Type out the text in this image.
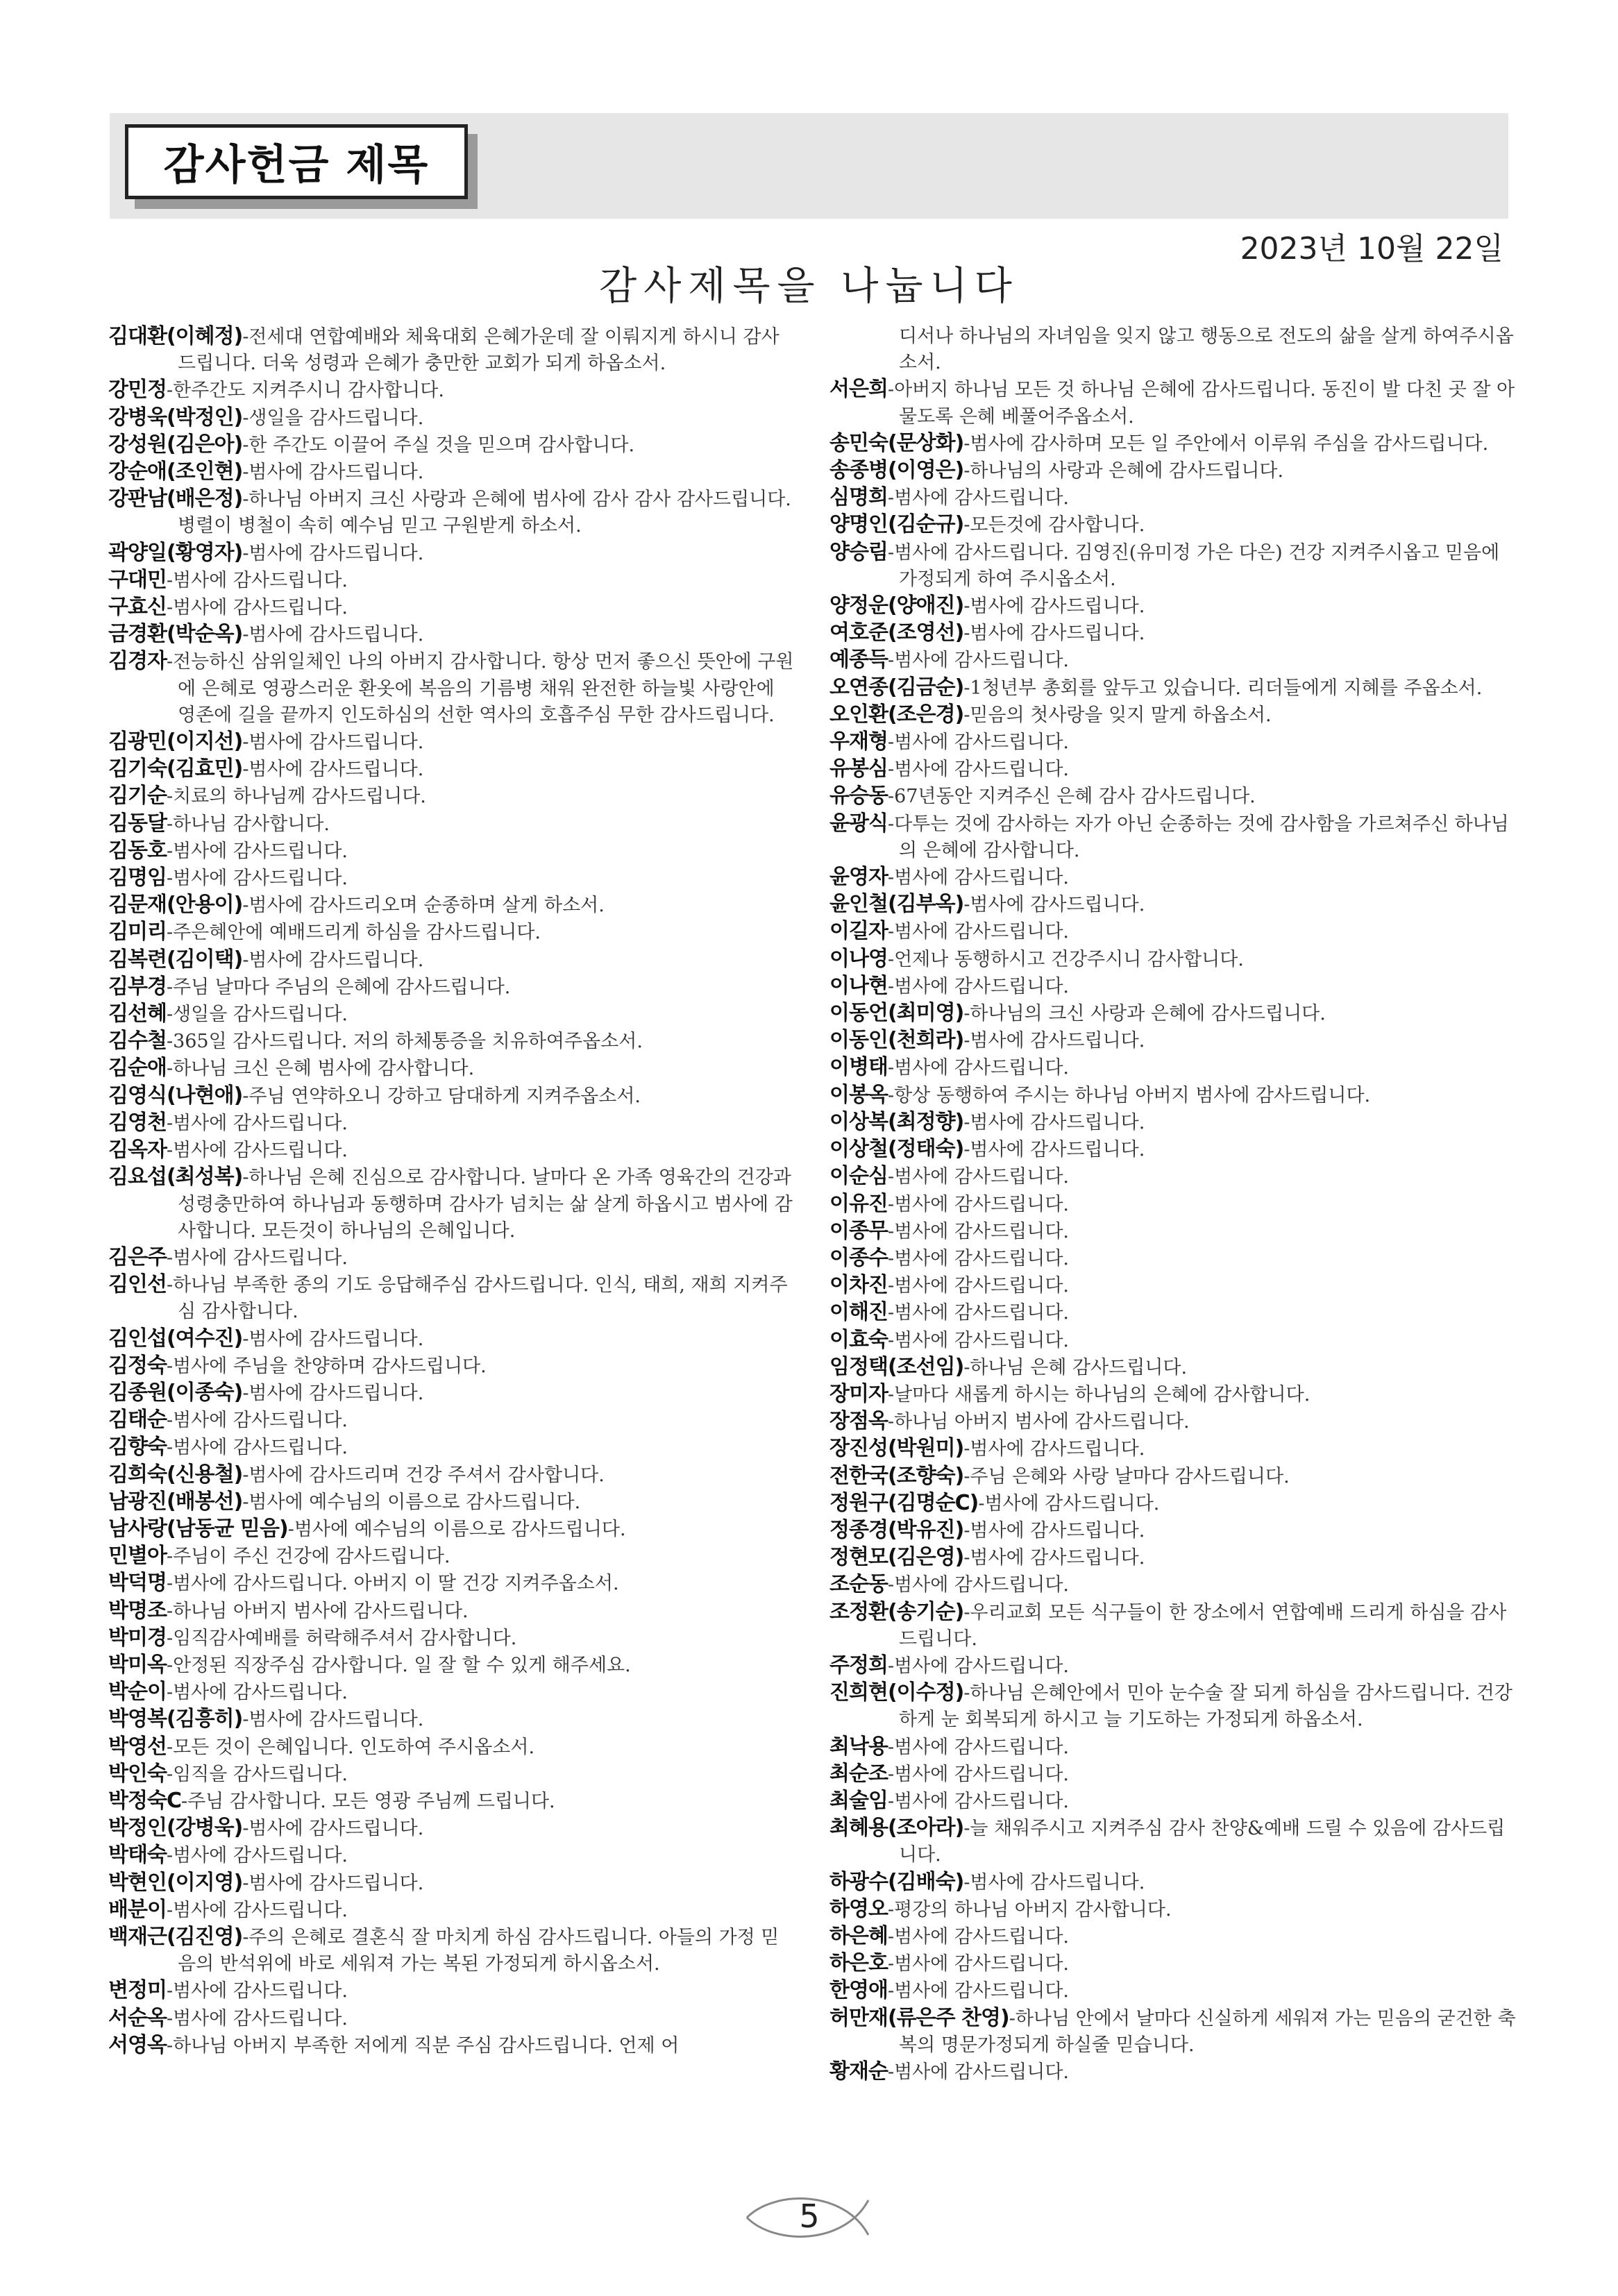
감사헌금 제목
2023년 10월 22일
감사제목을 나눕니다
김대환(이혜정)-전세대 연합예배와 체육대회 은혜가운데 잘 이뤄지게 하시니 감사드립니다. 더욱 성령과 은혜가 충만한 교회가 되게 하옵소서.
강민정-한주간도 지켜주시니 감사합니다.
강병욱(박정인)-생일을 감사드립니다.
강성원(김은아)-한 주간도 이끌어 주실 것을 믿으며 감사합니다.
강순애(조인현)-범사에 감사드립니다.
강판남(배은정)-하나님 아버지 크신 사랑과 은혜에 범사에 감사 감사 감사드립니다. 병렬이 병철이 속히 예수님 믿고 구원받게 하소서.
곽양일(황영자)-범사에 감사드립니다.
구대민-범사에 감사드립니다.
구효신-범사에 감사드립니다.
금경환(박순옥)-범사에 감사드립니다.
김경자-전능하신 삼위일체인 나의 아버지 감사합니다. 항상 먼저 좋으신 뜻안에 구원에 은혜로 영광스러운 환옷에 복음의 기름병 채워 완전한 하늘빛 사랑안에 영존에 길을 끝까지 인도하심의 선한 역사의 호흡주심 무한 감사드립니다.
김광민(이지선)-범사에 감사드립니다.
김기숙(김효민)-범사에 감사드립니다.
김기순-치료의 하나님께 감사드립니다.
김동달-하나님 감사합니다.
김동호-범사에 감사드립니다.
김명임-범사에 감사드립니다.
김문재(안용이)-범사에 감사드리오며 순종하며 살게 하소서.
김미리-주은혜안에 예배드리게 하심을 감사드립니다.
김복련(김이택)-범사에 감사드립니다.
김부경-주님 날마다 주님의 은혜에 감사드립니다.
김선혜-생일을 감사드립니다.
김수철-365일 감사드립니다. 저의 하체통증을 치유하여주옵소서.
김순애-하나님 크신 은혜 범사에 감사합니다.
김영식(나현애)-주님 연약하오니 강하고 담대하게 지켜주옵소서.
김영천-범사에 감사드립니다.
김옥자-범사에 감사드립니다.
김요섭(최성복)-하나님 은혜 진심으로 감사합니다. 날마다 온 가족 영육간의 건강과 성령충만하여 하나님과 동행하며 감사가 넘치는 삶 살게 하옵시고 범사에 감사합니다. 모든것이 하나님의 은혜입니다.
김은주-범사에 감사드립니다.
김인선-하나님 부족한 종의 기도 응답해주심 감사드립니다. 인식, 태희, 재희 지켜주심 감사합니다.
김인섭(여수진)-범사에 감사드립니다.
김정숙-범사에 주님을 찬양하며 감사드립니다.
김종원(이종숙)-범사에 감사드립니다.
김태순-범사에 감사드립니다.
김향숙-범사에 감사드립니다.
김희숙(신용철)-범사에 감사드리며 건강 주셔서 감사합니다.
남광진(배봉선)-범사에 예수님의 이름으로 감사드립니다.
남사랑(남동균 믿음)-범사에 예수님의 이름으로 감사드립니다.
민별아-주님이 주신 건강에 감사드립니다.
박덕명-범사에 감사드립니다. 아버지 이 딸 건강 지켜주옵소서.
박명조-하나님 아버지 범사에 감사드립니다.
박미경-임직감사예배를 허락해주셔서 감사합니다.
박미옥-안정된 직장주심 감사합니다. 일 잘 할 수 있게 해주세요.
박순이-범사에 감사드립니다.
박영복(김흥히)-범사에 감사드립니다.
박영선-모든 것이 은혜입니다. 인도하여 주시옵소서.
박인숙-임직을 감사드립니다.
박정숙C-주님 감사합니다. 모든 영광 주님께 드립니다.
박정인(강병욱)-범사에 감사드립니다.
박태숙-범사에 감사드립니다.
박현인(이지영)-범사에 감사드립니다.
배분이-범사에 감사드립니다.
백재근(김진영)-주의 은혜로 결혼식 잘 마치게 하심 감사드립니다. 아들의 가정 믿음의 반석위에 바로 세워져 가는 복된 가정되게 하시옵소서.
변정미-범사에 감사드립니다.
서순옥-범사에 감사드립니다.
서영옥-하나님 아버지 부족한 저에게 직분 주심 감사드립니다. 언제 어
디서나 하나님의 자녀임을 잊지 않고 행동으로 전도의 삶을 살게 하여주시옵소서.
서은희-아버지 하나님 모든 것 하나님 은혜에 감사드립니다. 동진이 발 다친 곳 잘 아물도록 은혜 베풀어주옵소서.
송민숙(문상화)-범사에 감사하며 모든 일 주안에서 이루워 주심을 감사드립니다.
송종병(이영은)-하나님의 사랑과 은혜에 감사드립니다.
심명희-범사에 감사드립니다.
양명인(김순규)-모든것에 감사합니다.
양승림-범사에 감사드립니다. 김영진(유미정 가은 다은) 건강 지켜주시옵고 믿음에 가정되게 하여 주시옵소서.
양정운(양애진)-범사에 감사드립니다.
여호준(조영선)-범사에 감사드립니다.
예종득-범사에 감사드립니다.
오연종(김금순)-1청년부 총회를 앞두고 있습니다. 리더들에게 지혜를 주옵소서.
오인환(조은경)-믿음의 첫사랑을 잊지 말게 하옵소서.
우재형-범사에 감사드립니다.
유봉심-범사에 감사드립니다.
유승동-67년동안 지켜주신 은혜 감사 감사드립니다.
윤광식-다투는 것에 감사하는 자가 아닌 순종하는 것에 감사함을 가르쳐주신 하나님의 은혜에 감사합니다.
윤영자-범사에 감사드립니다.
윤인철(김부옥)-범사에 감사드립니다.
이길자-범사에 감사드립니다.
이나영-언제나 동행하시고 건강주시니 감사합니다.
이나현-범사에 감사드립니다.
이동언(최미영)-하나님의 크신 사랑과 은혜에 감사드립니다.
이동인(천희라)-범사에 감사드립니다.
이병태-범사에 감사드립니다.
이봉옥-항상 동행하여 주시는 하나님 아버지 범사에 감사드립니다.
이상복(최정향)-범사에 감사드립니다.
이상철(정태숙)-범사에 감사드립니다.
이순심-범사에 감사드립니다.
이유진-범사에 감사드립니다.
이종무-범사에 감사드립니다.
이종수-범사에 감사드립니다.
이차진-범사에 감사드립니다.
이해진-범사에 감사드립니다.
이효숙-범사에 감사드립니다.
임정택(조선임)-하나님 은혜 감사드립니다.
장미자-날마다 새롭게 하시는 하나님의 은혜에 감사합니다.
장점옥-하나님 아버지 범사에 감사드립니다.
장진성(박원미)-범사에 감사드립니다.
전한국(조향숙)-주님 은혜와 사랑 날마다 감사드립니다.
정원구(김명순C)-범사에 감사드립니다.
정종경(박유진)-범사에 감사드립니다.
정현모(김은영)-범사에 감사드립니다.
조순동-범사에 감사드립니다.
조정환(송기순)-우리교회 모든 식구들이 한 장소에서 연합예배 드리게 하심을 감사드립니다.
주정희-범사에 감사드립니다.
진희현(이수정)-하나님 은혜안에서 민아 눈수술 잘 되게 하심을 감사드립니다. 건강하게 눈 회복되게 하시고 늘 기도하는 가정되게 하옵소서.
최낙용-범사에 감사드립니다.
최순조-범사에 감사드립니다.
최술임-범사에 감사드립니다.
최혜용(조아라)-늘 채워주시고 지켜주심 감사 찬양&예배 드릴 수 있음에 감사드립니다.
하광수(김배숙)-범사에 감사드립니다.
하영오-평강의 하나님 아버지 감사합니다.
하은혜-범사에 감사드립니다.
하은호-범사에 감사드립니다.
한영애-범사에 감사드립니다.
허만재(류은주 찬영)-하나님 안에서 날마다 신실하게 세워져 가는 믿음의 굳건한 축복의 명문가정되게 하실줄 믿습니다.
황재순-범사에 감사드립니다.
5
